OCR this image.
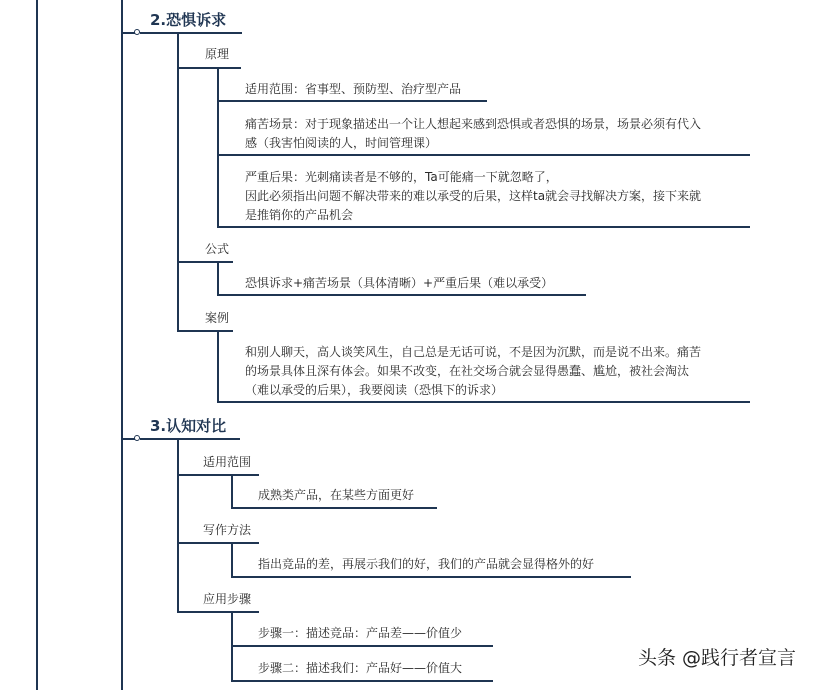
2.恐惧诉求
原理
适用范围：省事型、预防型、治疗型产品
痛苦场景：对于现象描述出一个让人想起来感到恐惧或者恐惧的场景，场景必须有代入
感（我害怕阅读的人，时间管理课）
严重后果：光刺痛读者是不够的，Ta可能痛一下就忽略了，
因此必须指出问题不解决带来的难以承受的后果，这样ta就会寻找解决方案，接下来就
是推销你的产品机会
公式
恐惧诉求+痛苦场景（具体清晰）+严重后果（难以承受）
案例
和别人聊天，高人谈笑风生，自己总是无话可说，不是因为沉默，而是说不出来。痛苦
的场景具体且深有体会。如果不改变，在社交场合就会显得愚蠢、尴尬，被社会淘汰
（难以承受的后果），我要阅读（恐惧下的诉求）
3.认知对比
适用范围
成熟类产品，在某些方面更好
写作方法
指出竞品的差，再展示我们的好，我们的产品就会显得格外的好
应用步骤
步骤一：描述竞品：产品差——价值少
步骤二：描述我们：产品好——价值大	头条 @践行者宣言
